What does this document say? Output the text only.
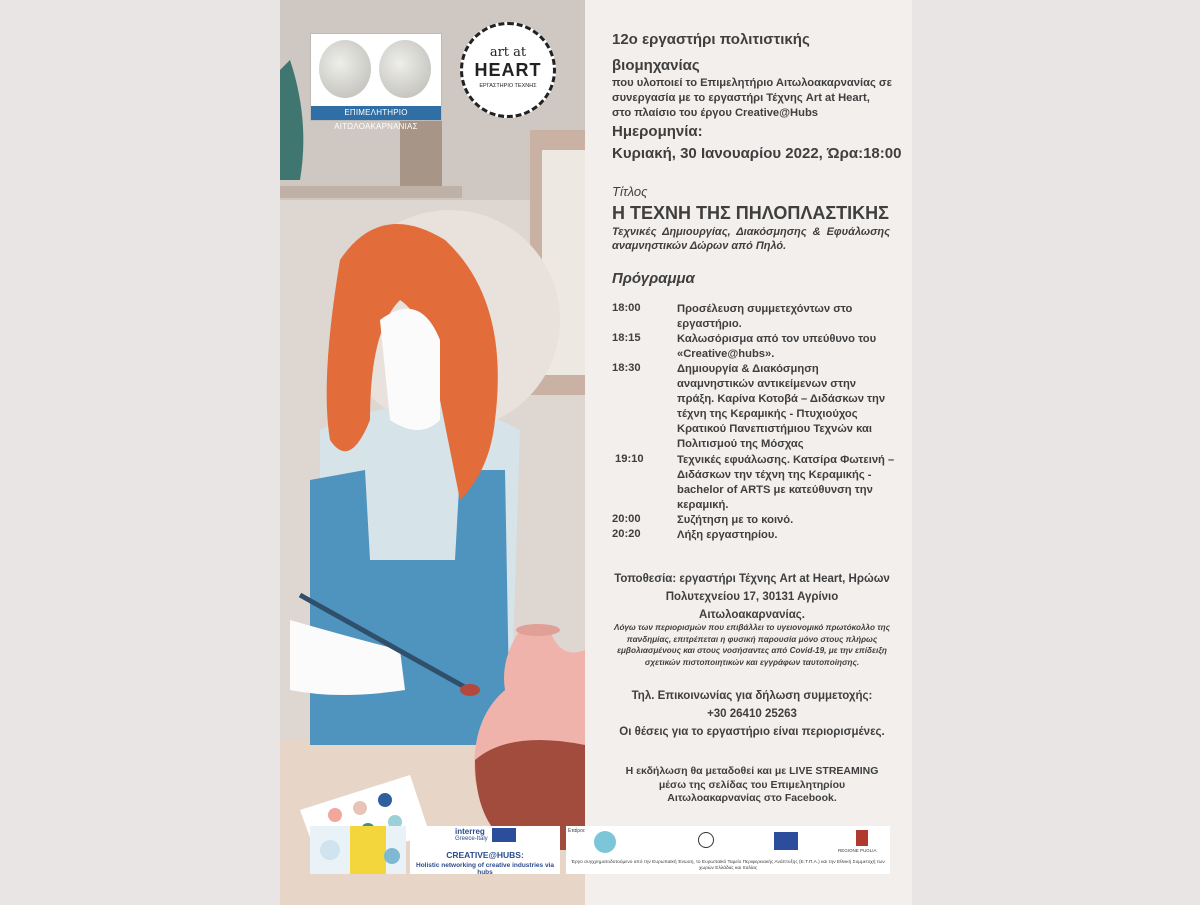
ΕΠΙΜΕΛΗΤΗΡΙΟ ΑΙΤΩΛΟΑΚΑΡΝΑΝΙΑΣ
art at
HEART
ΕΡΓΑΣΤΗΡΙΟ ΤΕΧΝΗΣ
12ο εργαστήρι πολιτιστικής
βιομηχανίας
που υλοποιεί το Επιμελητήριο Αιτωλοακαρνανίας σε συνεργασία με το εργαστήρι Τέχνης Art at Heart, στο πλαίσιο του έργου Creative@Hubs
Ημερομηνία:
Κυριακή, 30 Ιανουαρίου 2022, Ώρα:18:00
Τίτλος
Η ΤΕΧΝΗ ΤΗΣ ΠΗΛΟΠΛΑΣΤΙΚΗΣ
Τεχνικές Δημιουργίας, Διακόσμησης & Εφυάλωσης αναμνηστικών Δώρων από Πηλό.
Πρόγραμμα
18:00	Προσέλευση συμμετεχόντων στο εργαστήριο.
18:15	Καλωσόρισμα από τον υπεύθυνο του «Creative@hubs».
18:30	Δημιουργία & Διακόσμηση αναμνηστικών αντικείμενων στην πράξη. Καρίνα Κοτοβά – Διδάσκων την τέχνη της Κεραμικής - Πτυχιούχος Κρατικού Πανεπιστήμιου Τεχνών και Πολιτισμού της Μόσχας
19:10	Τεχνικές εφυάλωσης. Κατσίρα Φωτεινή – Διδάσκων την τέχνη της Κεραμικής - bachelor of ARTS με κατεύθυνση την κεραμική.
20:00	Συζήτηση με το κοινό.
20:20	Λήξη εργαστηρίου.
Τοποθεσία: εργαστήρι Τέχνης Art at Heart, Ηρώων Πολυτεχνείου 17, 30131 Αγρίνιο Αιτωλοακαρνανίας.
Λόγω των περιορισμών που επιβάλλει το υγειονομικό πρωτόκολλο της πανδημίας, επιτρέπεται η φυσική παρουσία μόνο στους πλήρως εμβολιασμένους και στους νοσήσαντες από Covid-19, με την επίδειξη σχετικών πιστοποιητικών και εγγράφων ταυτοποίησης.
Τηλ. Επικοινωνίας για δήλωση συμμετοχής:
+30 26410 25263
Οι θέσεις για το εργαστήριο είναι περιορισμένες.
Η εκδήλωση θα μεταδοθεί και με LIVE STREAMING μέσω της σελίδας του Επιμελητηρίου Αιτωλοακαρνανίας στο Facebook.
interreg
Greece-Italy
CREATIVE@HUBS:
Holistic networking of creative industries via hubs
Εταίροι:
REGIONE PUGLIA
Έργο συγχρηματοδοτούμενο από την Ευρωπαϊκή Ένωση, το Ευρωπαϊκό Ταμείο Περιφερειακής Ανάπτυξης (Ε.Τ.Π.Α.) και την Εθνική Συμμετοχή των χωρών Ελλάδας και Ιταλίας
